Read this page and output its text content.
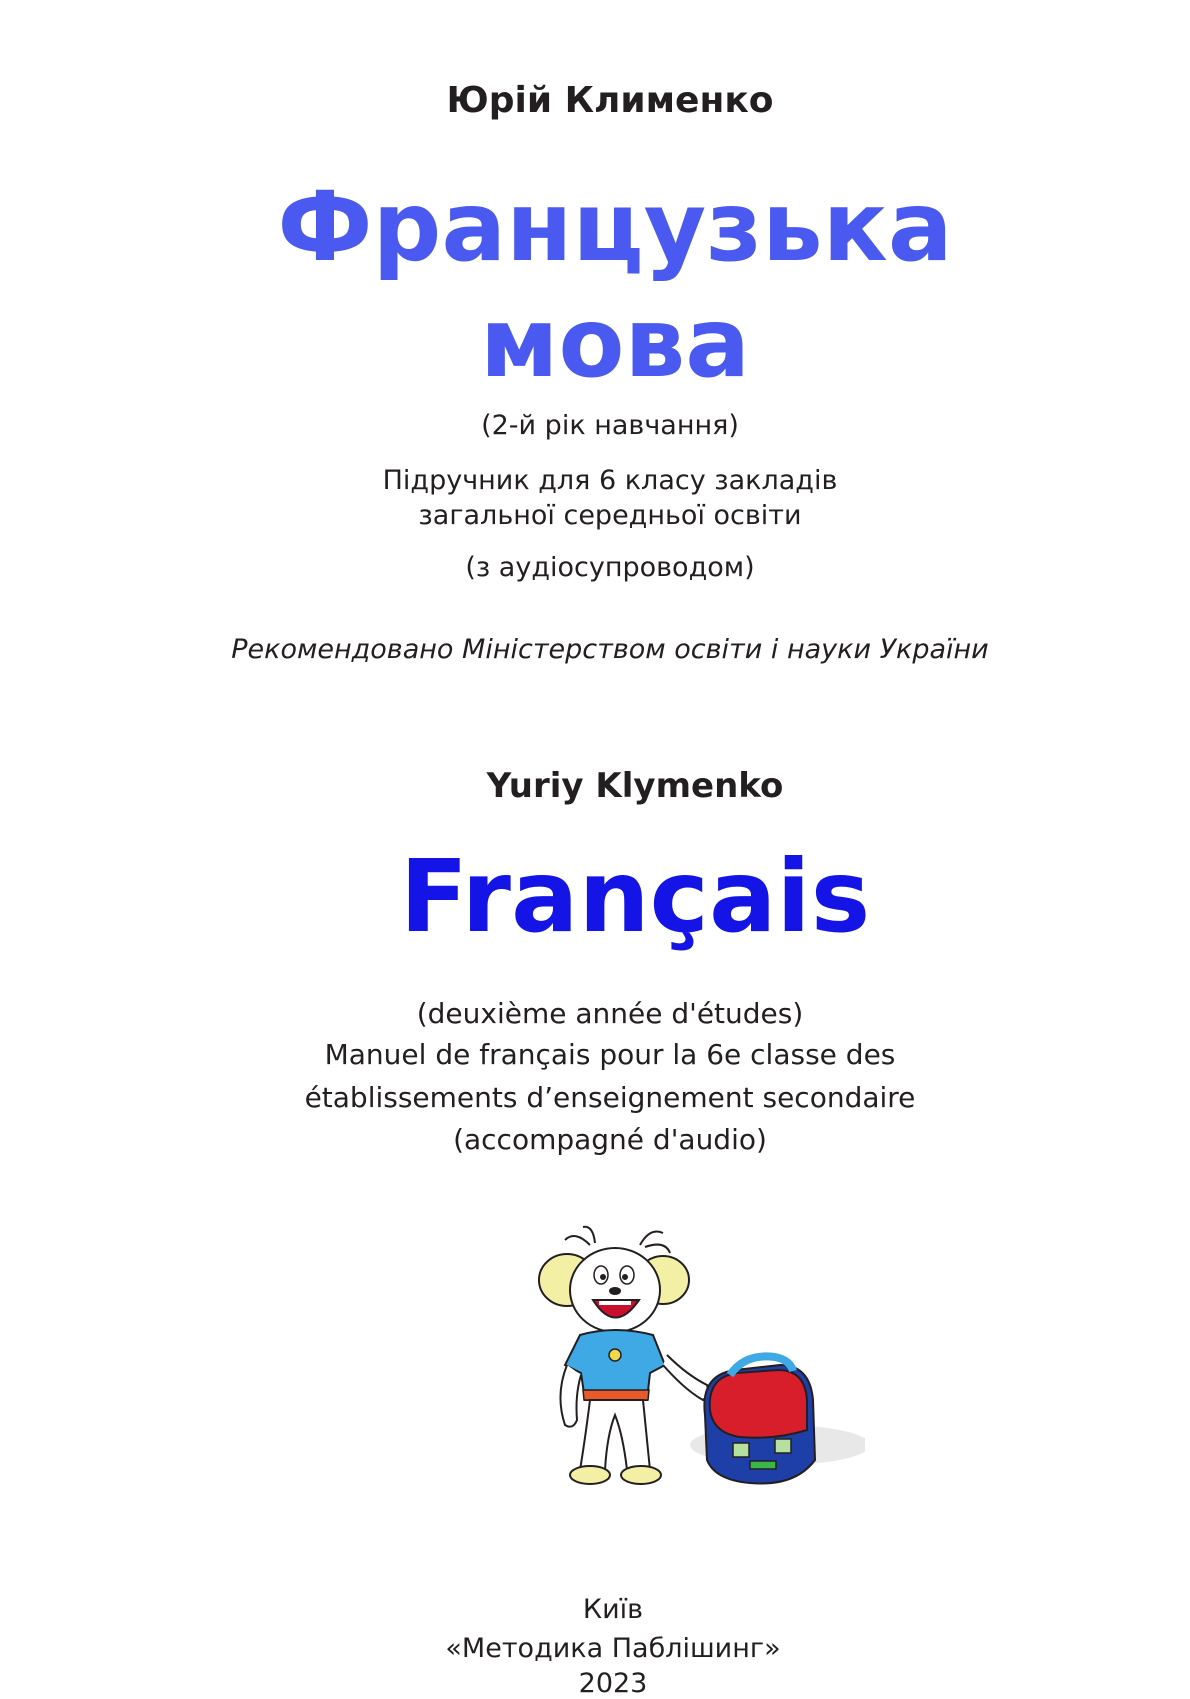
Юрій Клименко
Французька
мова
(2-й рік навчання)
Підручник для 6 класу закладів
загальної середньої освіти
(з аудіосупроводом)
Рекомендовано Міністерством освіти і науки України
Yuriy Klymenko
Français
(deuxième année d'études)
Manuel de français pour la 6e classe des
établissements d’enseignement secondaire
(accompagné d'audio)
Київ
«Методика Паблішинг»
2023
